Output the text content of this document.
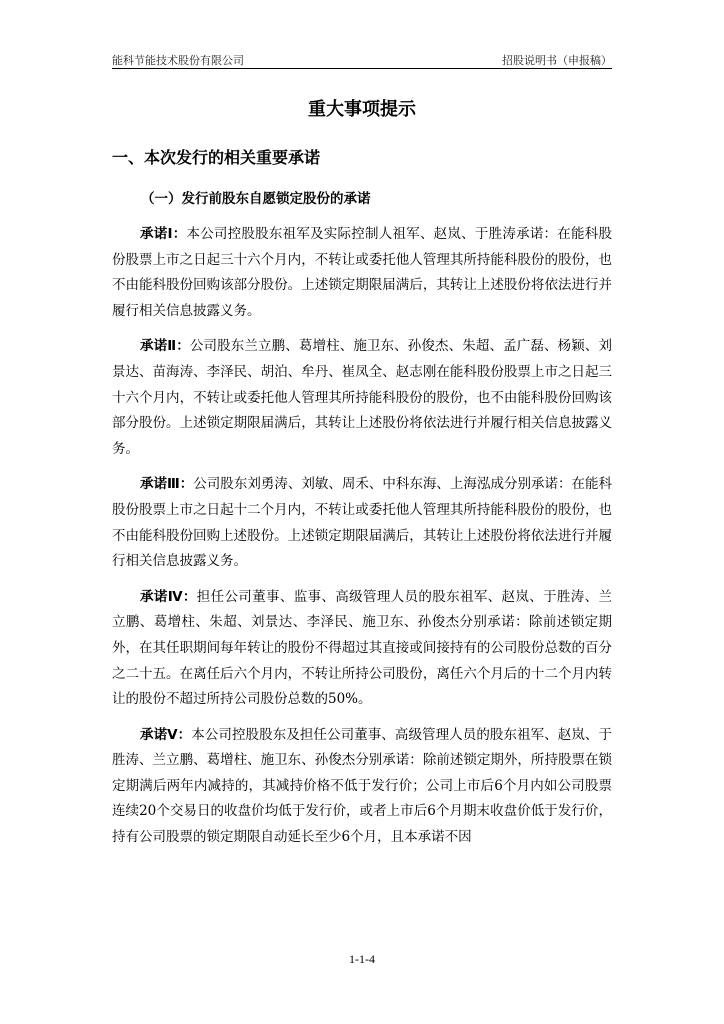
能科节能技术股份有限公司	招股说明书（申报稿）
重大事项提示
一、本次发行的相关重要承诺
（一）发行前股东自愿锁定股份的承诺

承诺Ⅰ：本公司控股股东祖军及实际控制人祖军、赵岚、于胜涛承诺：在能科股份股票上市之日起三十六个月内，不转让或委托他人管理其所持能科股份的股份，也不由能科股份回购该部分股份。上述锁定期限届满后，其转让上述股份将依法进行并履行相关信息披露义务。

承诺Ⅱ：公司股东兰立鹏、葛增柱、施卫东、孙俊杰、朱超、孟广磊、杨颖、刘景达、苗海涛、李泽民、胡泊、牟丹、崔凤全、赵志刚在能科股份股票上市之日起三十六个月内，不转让或委托他人管理其所持能科股份的股份，也不由能科股份回购该部分股份。上述锁定期限届满后，其转让上述股份将依法进行并履行相关信息披露义务。

承诺Ⅲ：公司股东刘勇涛、刘敏、周禾、中科东海、上海泓成分别承诺：在能科股份股票上市之日起十二个月内，不转让或委托他人管理其所持能科股份的股份，也不由能科股份回购上述股份。上述锁定期限届满后，其转让上述股份将依法进行并履行相关信息披露义务。

承诺Ⅳ：担任公司董事、监事、高级管理人员的股东祖军、赵岚、于胜涛、兰立鹏、葛增柱、朱超、刘景达、李泽民、施卫东、孙俊杰分别承诺：除前述锁定期外，在其任职期间每年转让的股份不得超过其直接或间接持有的公司股份总数的百分之二十五。在离任后六个月内，不转让所持公司股份，离任六个月后的十二个月内转让的股份不超过所持公司股份总数的50%。

承诺Ⅴ：本公司控股股东及担任公司董事、高级管理人员的股东祖军、赵岚、于胜涛、兰立鹏、葛增柱、施卫东、孙俊杰分别承诺：除前述锁定期外，所持股票在锁定期满后两年内减持的，其减持价格不低于发行价；公司上市后6个月内如公司股票连续20个交易日的收盘价均低于发行价，或者上市后6个月期末收盘价低于发行价，持有公司股票的锁定期限自动延长至少6个月，且本承诺不因

1-1-4
